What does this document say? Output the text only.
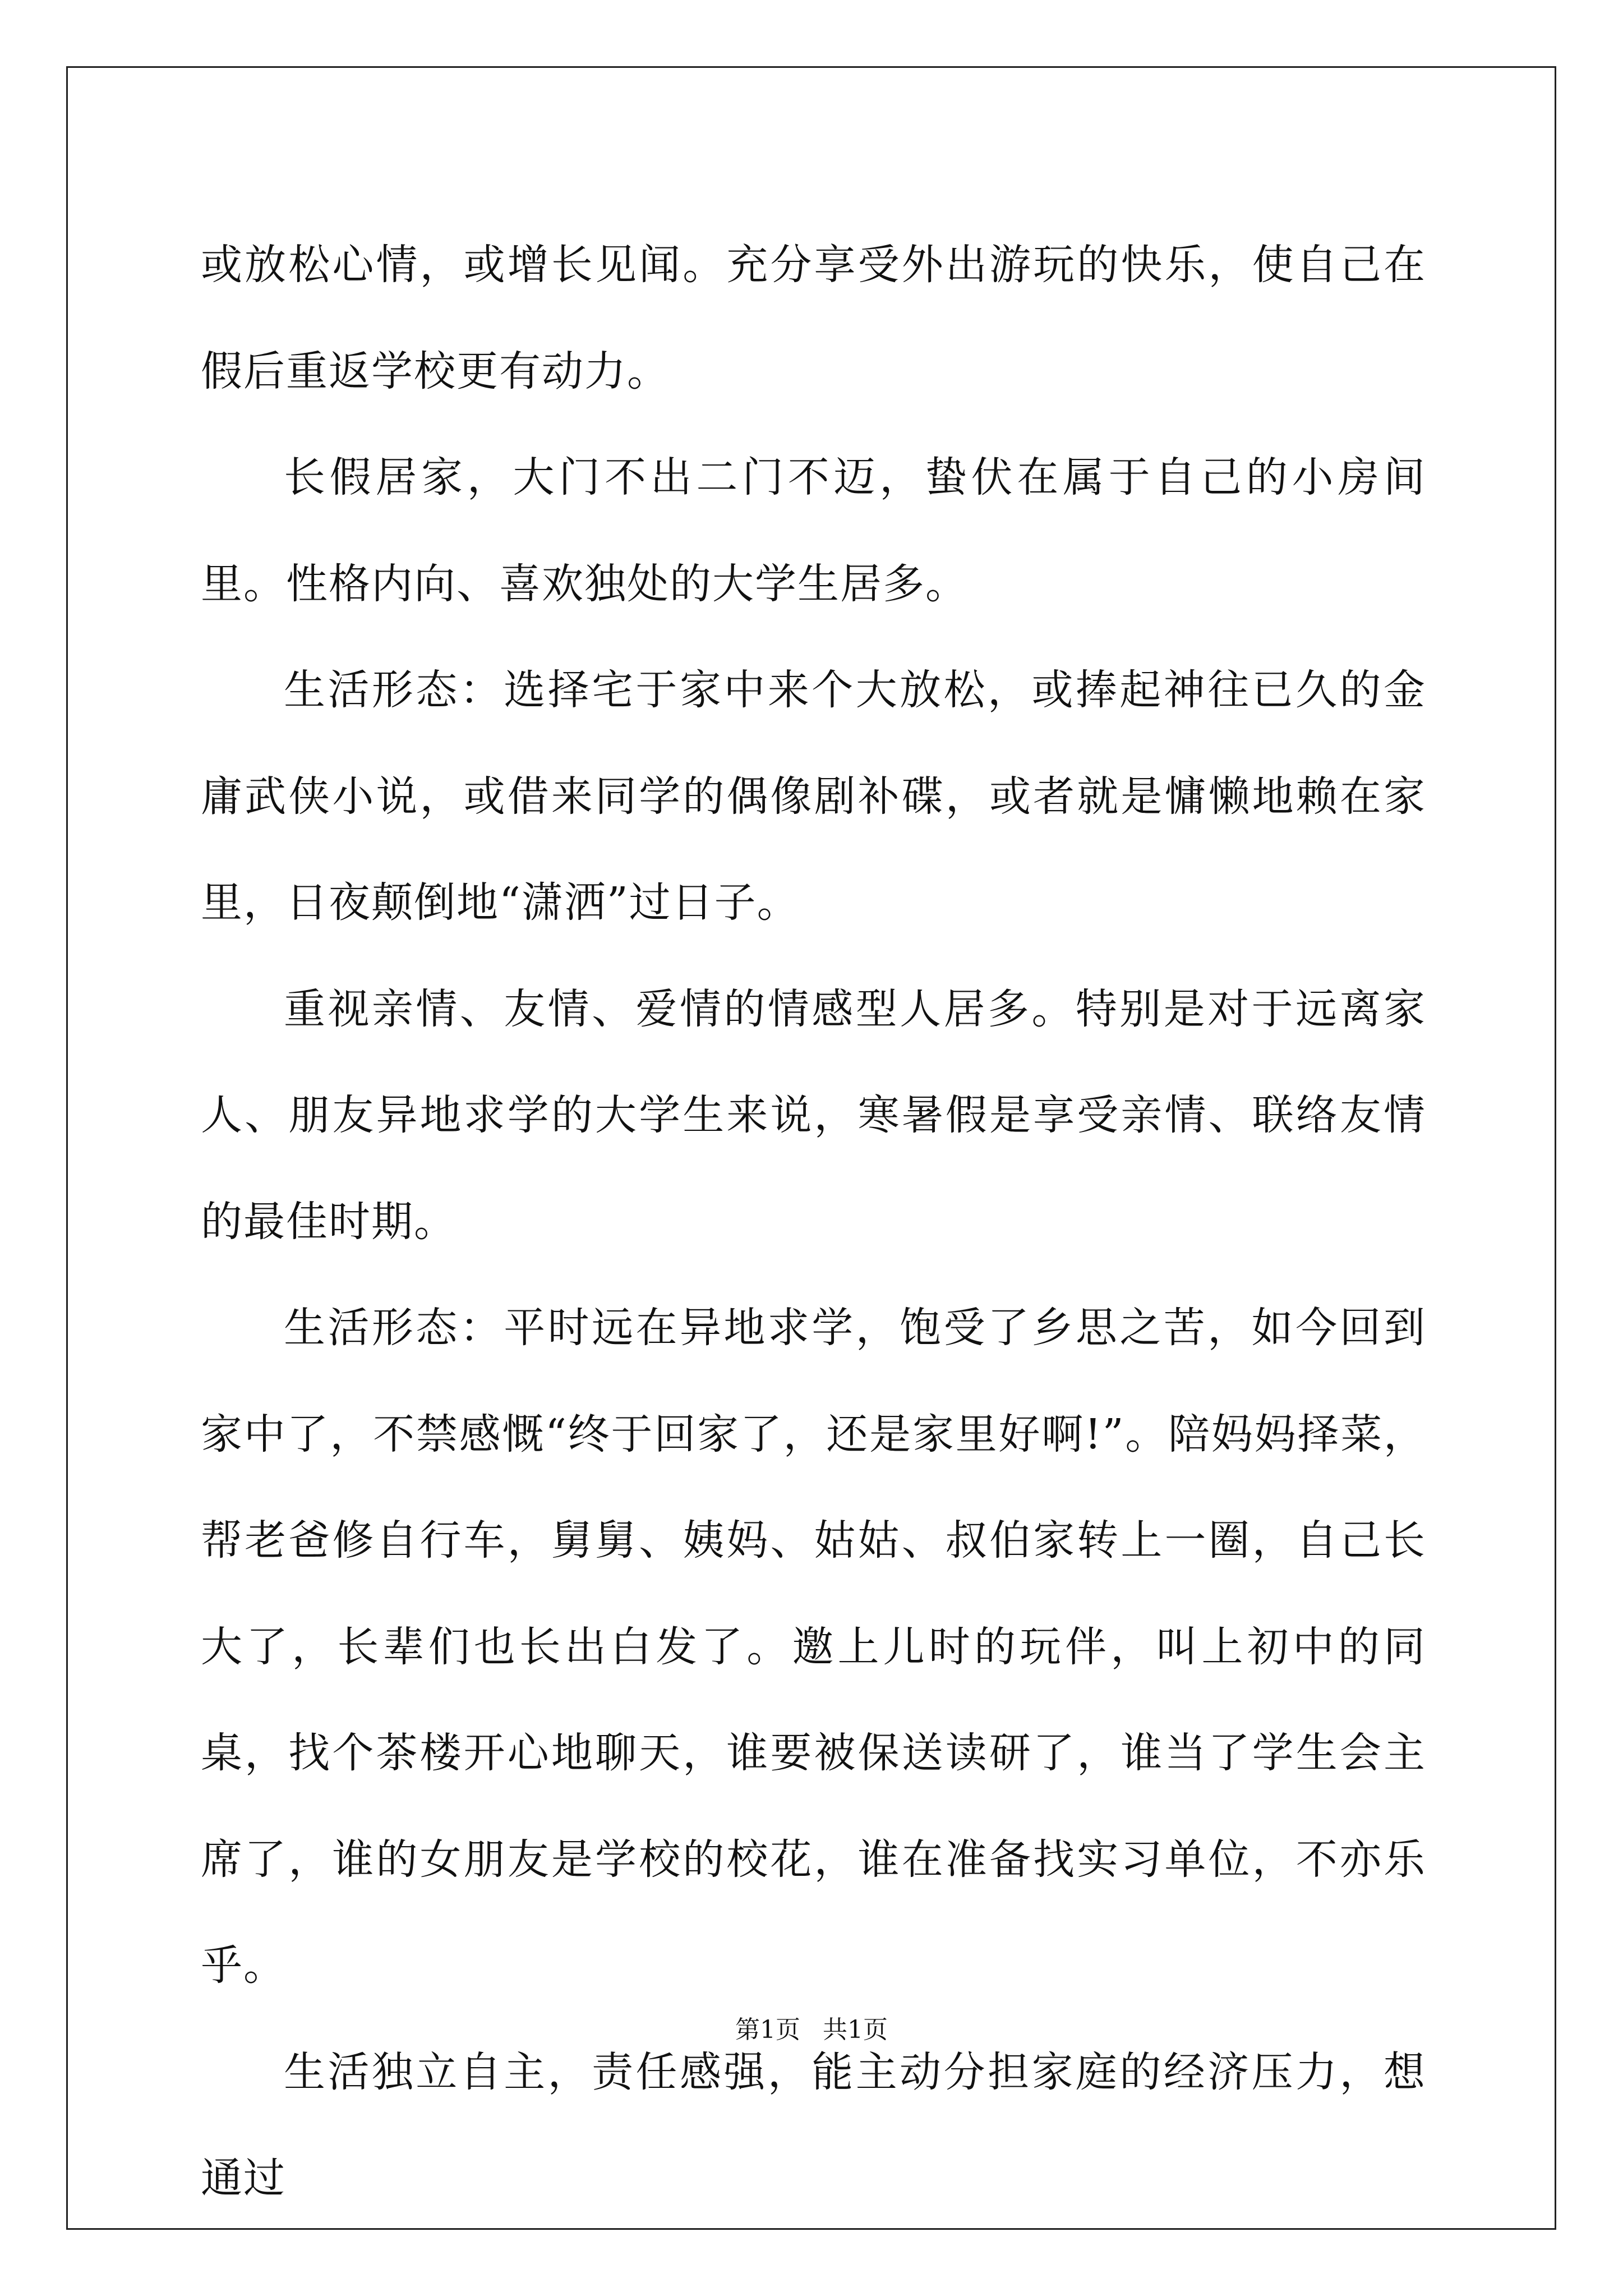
或放松心情，或增长见闻。充分享受外出游玩的快乐，使自己在假后重返学校更有动力。

长假居家，大门不出二门不迈，蛰伏在属于自己的小房间里。性格内向、喜欢独处的大学生居多。

生活形态：选择宅于家中来个大放松，或捧起神往已久的金庸武侠小说，或借来同学的偶像剧补碟，或者就是慵懒地赖在家里，日夜颠倒地“潇洒”过日子。

重视亲情、友情、爱情的情感型人居多。特别是对于远离家人、朋友异地求学的大学生来说，寒暑假是享受亲情、联络友情的最佳时期。

生活形态：平时远在异地求学，饱受了乡思之苦，如今回到家中了，不禁感慨“终于回家了，还是家里好啊!”。陪妈妈择菜，帮老爸修自行车，舅舅、姨妈、姑姑、叔伯家转上一圈，自己长大了，长辈们也长出白发了。邀上儿时的玩伴，叫上初中的同桌，找个茶楼开心地聊天，谁要被保送读研了，谁当了学生会主席了，谁的女朋友是学校的校花，谁在准备找实习单位，不亦乐乎。

生活独立自主，责任感强，能主动分担家庭的经济压力，想通过

第1页 共1页
